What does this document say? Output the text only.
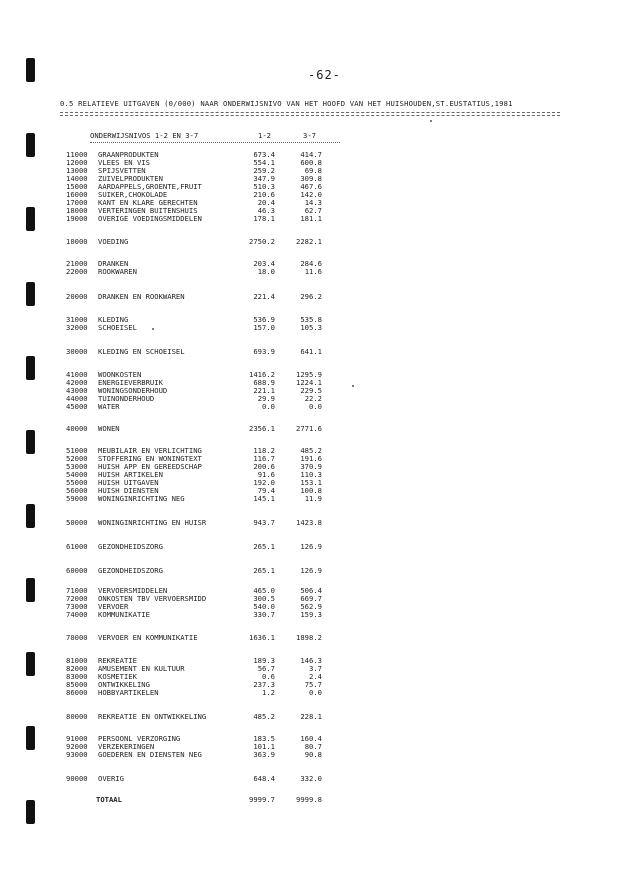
-62-
0.5 RELATIEVE UITGAVEN (0/000) NAAR ONDERWIJSNIVO VAN HET HOOFD VAN HET HUISHOUDEN,ST.EUSTATIUS,1981
ONDERWIJSNIVOS 1-2 EN 3-7	1-2	3-7
11000 GRAANPRODUKTEN	673.4	414.7
12000 VLEES EN VIS	554.1	600.8
13000 SPIJSVETTEN	259.2	69.8
14000 ZUIVELPRODUKTEN	347.9	309.8
15000 AARDAPPELS,GROENTE,FRUIT	510.3	467.6
16000 SUIKER,CHOKOLADE	210.6	142.0
17000 KANT EN KLARE GERECHTEN	20.4	14.3
18000 VERTERINGEN BUITENSHUIS	46.3	62.7
19000 OVERIGE VOEDINGSMIDDELEN	178.1	181.1
10000 VOEDING	2750.2	2282.1
21000 DRANKEN	203.4	284.6
22000 ROOKWAREN	18.0	11.6
20000 DRANKEN EN ROOKWAREN	221.4	296.2
31000 KLEDING	536.9	535.8
32000 SCHOEISEL	157.0	105.3
30000 KLEDING EN SCHOEISEL	693.9	641.1
41000 WOONKOSTEN	1416.2	1295.9
42000 ENERGIEVERBRUIK	688.9	1224.1
43000 WONINGSONDERHOUD	221.1	229.5
44000 TUINONDERHOUD	29.9	22.2
45000 WATER	0.0	0.0
40000 WONEN	2356.1	2771.6
51000 MEUBILAIR EN VERLICHTING	118.2	485.2
52000 STOFFERING EN WONINGTEXT	116.7	191.6
53000 HUISH APP EN GEREEDSCHAP	200.6	370.9
54000 HUISH ARTIKELEN	91.6	110.3
55000 HUISH UITGAVEN	192.0	153.1
56000 HUISH DIENSTEN	79.4	100.8
59000 WONINGINRICHTING NEG	145.1	11.9
50000 WONINGINRICHTING EN HUISR	943.7	1423.8
61000 GEZONDHEIDSZORG	265.1	126.9
60000 GEZONDHEIDSZORG	265.1	126.9
71000 VERVOERSMIDDELEN	465.0	506.4
72000 ONKOSTEN TBV VERVOERSMIDD	300.5	669.7
73000 VERVOER	540.0	562.9
74000 KOMMUNIKATIE	330.7	159.3
70000 VERVOER EN KOMMUNIKATIE	1636.1	1898.2
81000 REKREATIE	189.3	146.3
82000 AMUSEMENT EN KULTUUR	56.7	3.7
83000 KOSMETIEK	0.6	2.4
85000 ONTWIKKELING	237.3	75.7
86000 HOBBYARTIKELEN	1.2	0.0
80000 REKREATIE EN ONTWIKKELING	485.2	228.1
91000 PERSOONL VERZORGING	183.5	160.4
92000 VERZEKERINGEN	101.1	80.7
93000 GOEDEREN EN DIENSTEN NEG	363.9	90.8
90000 OVERIG	648.4	332.0
TOTAAL	9999.7	9999.8
